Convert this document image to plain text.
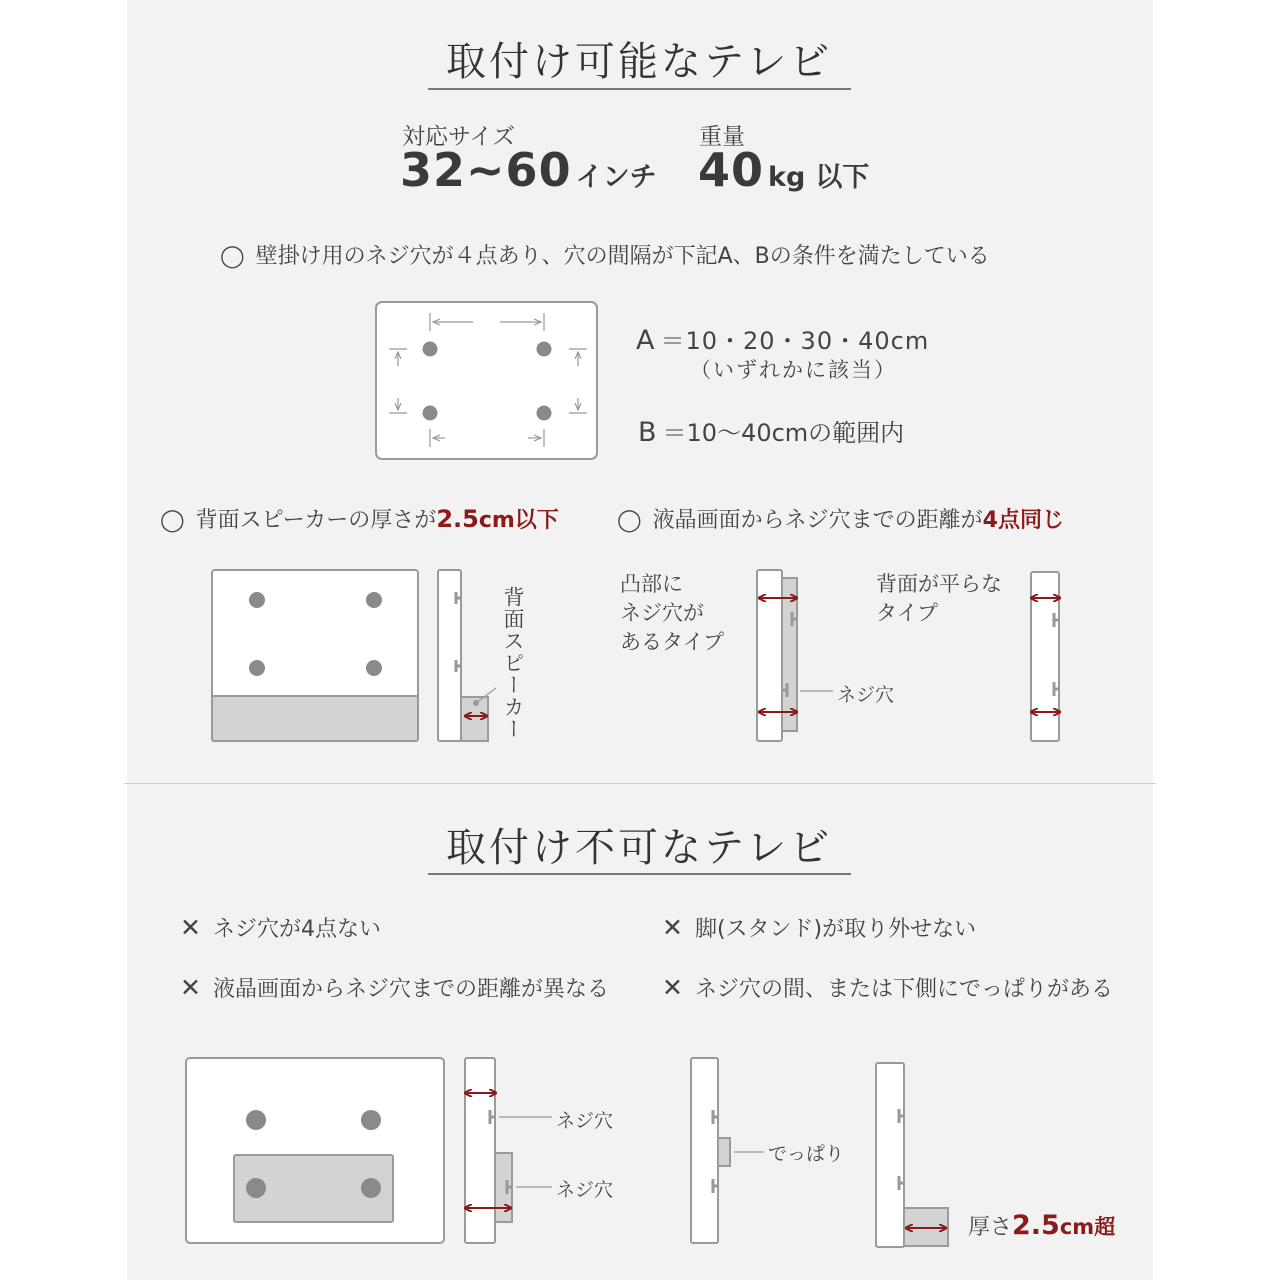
取付け可能なテレビ
対応サイズ
32~60 インチ
重量
40 kg 以下
◯ 壁掛け用のネジ穴が４点あり、穴の間隔が下記A、Bの条件を満たしている
A ＝10・20・30・40cm
（いずれかに該当）
B ＝10〜40cmの範囲内
◯ 背面スピーカーの厚さが2.5cm以下	◯ 液晶画面からネジ穴までの距離が4点同じ
背面スピーカー
凸部に
ネジ穴が
あるタイプ
ネジ穴
背面が平らな
タイプ
取付け不可なテレビ
✕ ネジ穴が4点ない	✕ 脚(スタンド)が取り外せない
✕ 液晶画面からネジ穴までの距離が異なる ✕ ネジ穴の間、または下側にでっぱりがある
ネジ穴
ネジ穴
でっぱり
厚さ2.5cm超
